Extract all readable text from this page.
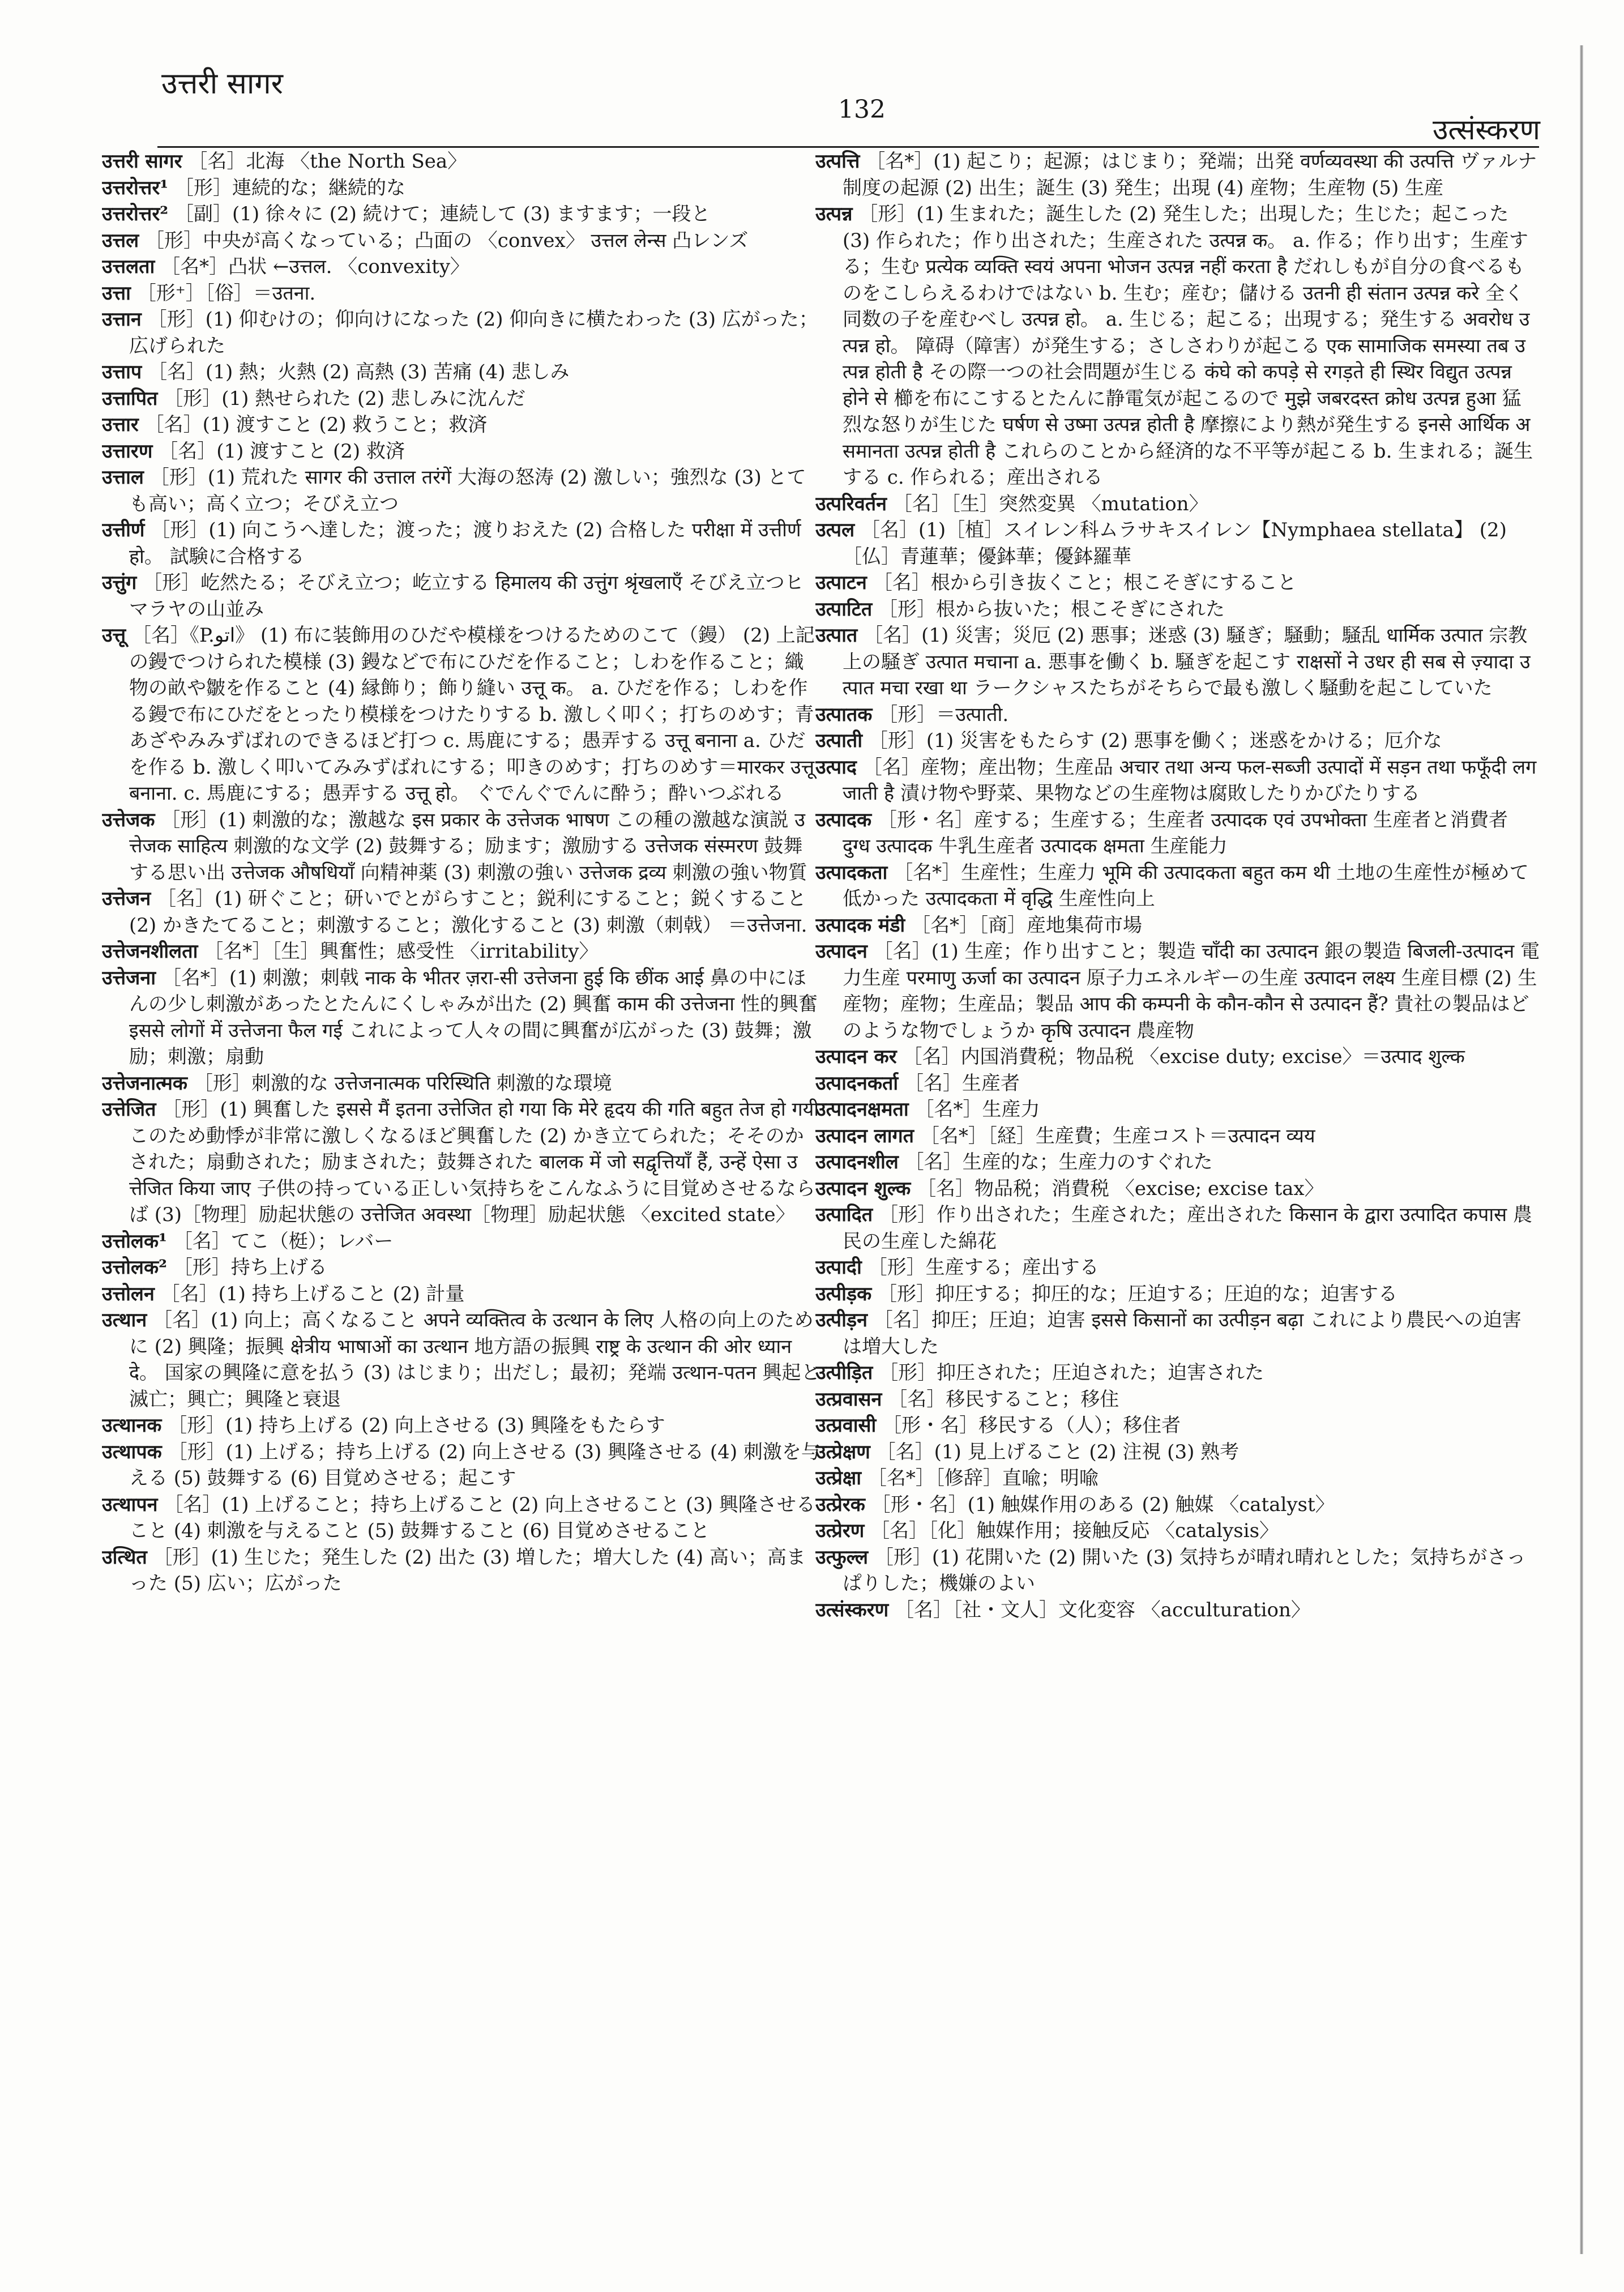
उत्तरी सागर
132
उत्संस्करण

उत्तरी सागर ［名］北海 〈the North Sea〉

उत्तरोत्तर¹ ［形］連続的な；継続的な

उत्तरोत्तर² ［副］(1) 徐々に (2) 続けて；連続して (3) ますます；一段と

उत्तल ［形］中央が高くなっている；凸面の 〈convex〉 उत्तल लेन्स 凸レンズ

उत्तलता ［名*］凸状 ←उत्तल. 〈convexity〉

उत्ता ［形⁺］［俗］＝उतना.

उत्तान ［形］(1) 仰むけの；仰向けになった (2) 仰向きに横たわった (3) 広がった；広げられた

उत्ताप ［名］(1) 熱；火熱 (2) 高熱 (3) 苦痛 (4) 悲しみ

उत्तापित ［形］(1) 熱せられた (2) 悲しみに沈んだ

उत्तार ［名］(1) 渡すこと (2) 救うこと；救済

उत्तारण ［名］(1) 渡すこと (2) 救済

उत्ताल ［形］(1) 荒れた सागर की उत्ताल तरंगें 大海の怒涛 (2) 激しい；強烈な (3) とても高い；高く立つ；そびえ立つ

उत्तीर्ण ［形］(1) 向こうへ達した；渡った；渡りおえた (2) 合格した परीक्षा में उत्तीर्ण हो。 試験に合格する

उत्तुंग ［形］屹然たる；そびえ立つ；屹立する हिमालय की उत्तुंग श्रृंखलाएँ そびえ立つヒマラヤの山並み

उत्तू ［名］《P.اتو》 (1) 布に装飾用のひだや模様をつけるためのこて（鏝） (2) 上記の鏝でつけられた模様 (3) 鏝などで布にひだを作ること；しわを作ること；織物の畝や皺を作ること (4) 縁飾り；飾り縫い उत्तू क。 a. ひだを作る；しわを作る鏝で布にひだをとったり模様をつけたりする b. 激しく叩く；打ちのめす；青あざやみみずばれのできるほど打つ c. 馬鹿にする；愚弄する उत्तू बनाना a. ひだを作る b. 激しく叩いてみみずばれにする；叩きのめす；打ちのめす＝मारकर उत्तू बनाना. c. 馬鹿にする；愚弄する उत्तू हो。 ぐでんぐでんに酔う；酔いつぶれる

उत्तेजक ［形］(1) 刺激的な；激越な इस प्रकार के उत्तेजक भाषण この種の激越な演説 उत्तेजक साहित्य 刺激的な文学 (2) 鼓舞する；励ます；激励する उत्तेजक संस्मरण 鼓舞する思い出 उत्तेजक औषधियाँ 向精神薬 (3) 刺激の強い उत्तेजक द्रव्य 刺激の強い物質

उत्तेजन ［名］(1) 研ぐこと；研いでとがらすこと；鋭利にすること；鋭くすること (2) かきたてること；刺激すること；激化すること (3) 刺激（刺戟） ＝उत्तेजना.

उत्तेजनशीलता ［名*］［生］興奮性；感受性 〈irritability〉

उत्तेजना ［名*］(1) 刺激；刺戟 नाक के भीतर ज़रा-सी उत्तेजना हुई कि छींक आई 鼻の中にほんの少し刺激があったとたんにくしゃみが出た (2) 興奮 काम की उत्तेजना 性的興奮 इससे लोगों में उत्तेजना फैल गई これによって人々の間に興奮が広がった (3) 鼓舞；激励；刺激；扇動

उत्तेजनात्मक ［形］刺激的な उत्तेजनात्मक परिस्थिति 刺激的な環境

उत्तेजित ［形］(1) 興奮した इससे मैं इतना उत्तेजित हो गया कि मेरे हृदय की गति बहुत तेज हो गयी このため動悸が非常に激しくなるほど興奮した (2) かき立てられた；そそのかされた；扇動された；励まされた；鼓舞された बालक में जो सद्वृत्तियाँ हैं, उन्हें ऐसा उत्तेजित किया जाए 子供の持っている正しい気持ちをこんなふうに目覚めさせるならば (3)［物理］励起状態の उत्तेजित अवस्था［物理］励起状態 〈excited state〉

उत्तोलक¹ ［名］てこ（梃）；レバー

उत्तोलक² ［形］持ち上げる

उत्तोलन ［名］(1) 持ち上げること (2) 計量

उत्थान ［名］(1) 向上；高くなること अपने व्यक्तित्व के उत्थान के लिए 人格の向上のために (2) 興隆；振興 क्षेत्रीय भाषाओं का उत्थान 地方語の振興 राष्ट्र के उत्थान की ओर ध्यान दे。 国家の興隆に意を払う (3) はじまり；出だし；最初；発端 उत्थान-पतन 興起と滅亡；興亡；興隆と衰退

उत्थानक ［形］(1) 持ち上げる (2) 向上させる (3) 興隆をもたらす

उत्थापक ［形］(1) 上げる；持ち上げる (2) 向上させる (3) 興隆させる (4) 刺激を与える (5) 鼓舞する (6) 目覚めさせる；起こす

उत्थापन ［名］(1) 上げること；持ち上げること (2) 向上させること (3) 興隆させること (4) 刺激を与えること (5) 鼓舞すること (6) 目覚めさせること

उत्थित ［形］(1) 生じた；発生した (2) 出た (3) 増した；増大した (4) 高い；高まった (5) 広い；広がった

उत्पत्ति ［名*］(1) 起こり；起源；はじまり；発端；出発 वर्णव्यवस्था की उत्पत्ति ヴァルナ制度の起源 (2) 出生；誕生 (3) 発生；出現 (4) 産物；生産物 (5) 生産

उत्पन्न ［形］(1) 生まれた；誕生した (2) 発生した；出現した；生じた；起こった (3) 作られた；作り出された；生産された उत्पन्न क。 a. 作る；作り出す；生産する；生む प्रत्येक व्यक्ति स्वयं अपना भोजन उत्पन्न नहीं करता है だれしもが自分の食べるものをこしらえるわけではない b. 生む；産む；儲ける उतनी ही संतान उत्पन्न करे 全く同数の子を産むべし उत्पन्न हो。 a. 生じる；起こる；出現する；発生する अवरोध उत्पन्न हो。 障碍（障害）が発生する；さしさわりが起こる एक सामाजिक समस्या तब उत्पन्न होती है その際一つの社会問題が生じる कंघे को कपड़े से रगड़ते ही स्थिर विद्युत उत्पन्न होने से 櫛を布にこするとたんに静電気が起こるので मुझे जबरदस्त क्रोध उत्पन्न हुआ 猛烈な怒りが生じた घर्षण से उष्मा उत्पन्न होती है 摩擦により熱が発生する इनसे आर्थिक असमानता उत्पन्न होती है これらのことから経済的な不平等が起こる b. 生まれる；誕生する c. 作られる；産出される

उत्परिवर्तन ［名］［生］突然変異 〈mutation〉

उत्पल ［名］(1)［植］スイレン科ムラサキスイレン【Nymphaea stellata】 (2)［仏］青蓮華；優鉢華；優鉢羅華

उत्पाटन ［名］根から引き抜くこと；根こそぎにすること

उत्पाटित ［形］根から抜いた；根こそぎにされた

उत्पात ［名］(1) 災害；災厄 (2) 悪事；迷惑 (3) 騒ぎ；騒動；騒乱 धार्मिक उत्पात 宗教上の騒ぎ उत्पात मचाना a. 悪事を働く b. 騒ぎを起こす राक्षसों ने उधर ही सब से ज़्यादा उत्पात मचा रखा था ラークシャスたちがそちらで最も激しく騒動を起こしていた

उत्पातक ［形］＝उत्पाती.

उत्पाती ［形］(1) 災害をもたらす (2) 悪事を働く；迷惑をかける；厄介な

उत्पाद ［名］産物；産出物；生産品 अचार तथा अन्य फल-सब्जी उत्पादों में सड़न तथा फफूँदी लग जाती है 漬け物や野菜、果物などの生産物は腐敗したりかびたりする

उत्पादक ［形・名］産する；生産する；生産者 उत्पादक एवं उपभोक्ता 生産者と消費者 दुग्ध उत्पादक 牛乳生産者 उत्पादक क्षमता 生産能力

उत्पादकता ［名*］生産性；生産力 भूमि की उत्पादकता बहुत कम थी 土地の生産性が極めて低かった उत्पादकता में वृद्धि 生産性向上

उत्पादक मंडी ［名*］［商］産地集荷市場

उत्पादन ［名］(1) 生産；作り出すこと；製造 चाँदी का उत्पादन 銀の製造 बिजली-उत्पादन 電力生産 परमाणु ऊर्जा का उत्पादन 原子力エネルギーの生産 उत्पादन लक्ष्य 生産目標 (2) 生産物；産物；生産品；製品 आप की कम्पनी के कौन-कौन से उत्पादन हैं? 貴社の製品はどのような物でしょうか कृषि उत्पादन 農産物

उत्पादन कर ［名］内国消費税；物品税 〈excise duty; excise〉＝उत्पाद शुल्क

उत्पादनकर्ता ［名］生産者

उत्पादनक्षमता ［名*］生産力

उत्पादन लागत ［名*］［経］生産費；生産コスト＝उत्पादन व्यय

उत्पादनशील ［名］生産的な；生産力のすぐれた

उत्पादन शुल्क ［名］物品税；消費税 〈excise; excise tax〉

उत्पादित ［形］作り出された；生産された；産出された किसान के द्वारा उत्पादित कपास 農民の生産した綿花

उत्पादी ［形］生産する；産出する

उत्पीड़क ［形］抑圧する；抑圧的な；圧迫する；圧迫的な；迫害する

उत्पीड़न ［名］抑圧；圧迫；迫害 इससे किसानों का उत्पीड़न बढ़ा これにより農民への迫害は増大した

उत्पीड़ित ［形］抑圧された；圧迫された；迫害された

उत्प्रवासन ［名］移民すること；移住

उत्प्रवासी ［形・名］移民する（人）；移住者

उत्प्रेक्षण ［名］(1) 見上げること (2) 注視 (3) 熟考

उत्प्रेक्षा ［名*］［修辞］直喩；明喩

उत्प्रेरक ［形・名］(1) 触媒作用のある (2) 触媒 〈catalyst〉

उत्प्रेरण ［名］［化］触媒作用；接触反応 〈catalysis〉

उत्फुल्ल ［形］(1) 花開いた (2) 開いた (3) 気持ちが晴れ晴れとした；気持ちがさっぱりした；機嫌のよい

उत्संस्करण ［名］［社・文人］文化変容 〈acculturation〉
